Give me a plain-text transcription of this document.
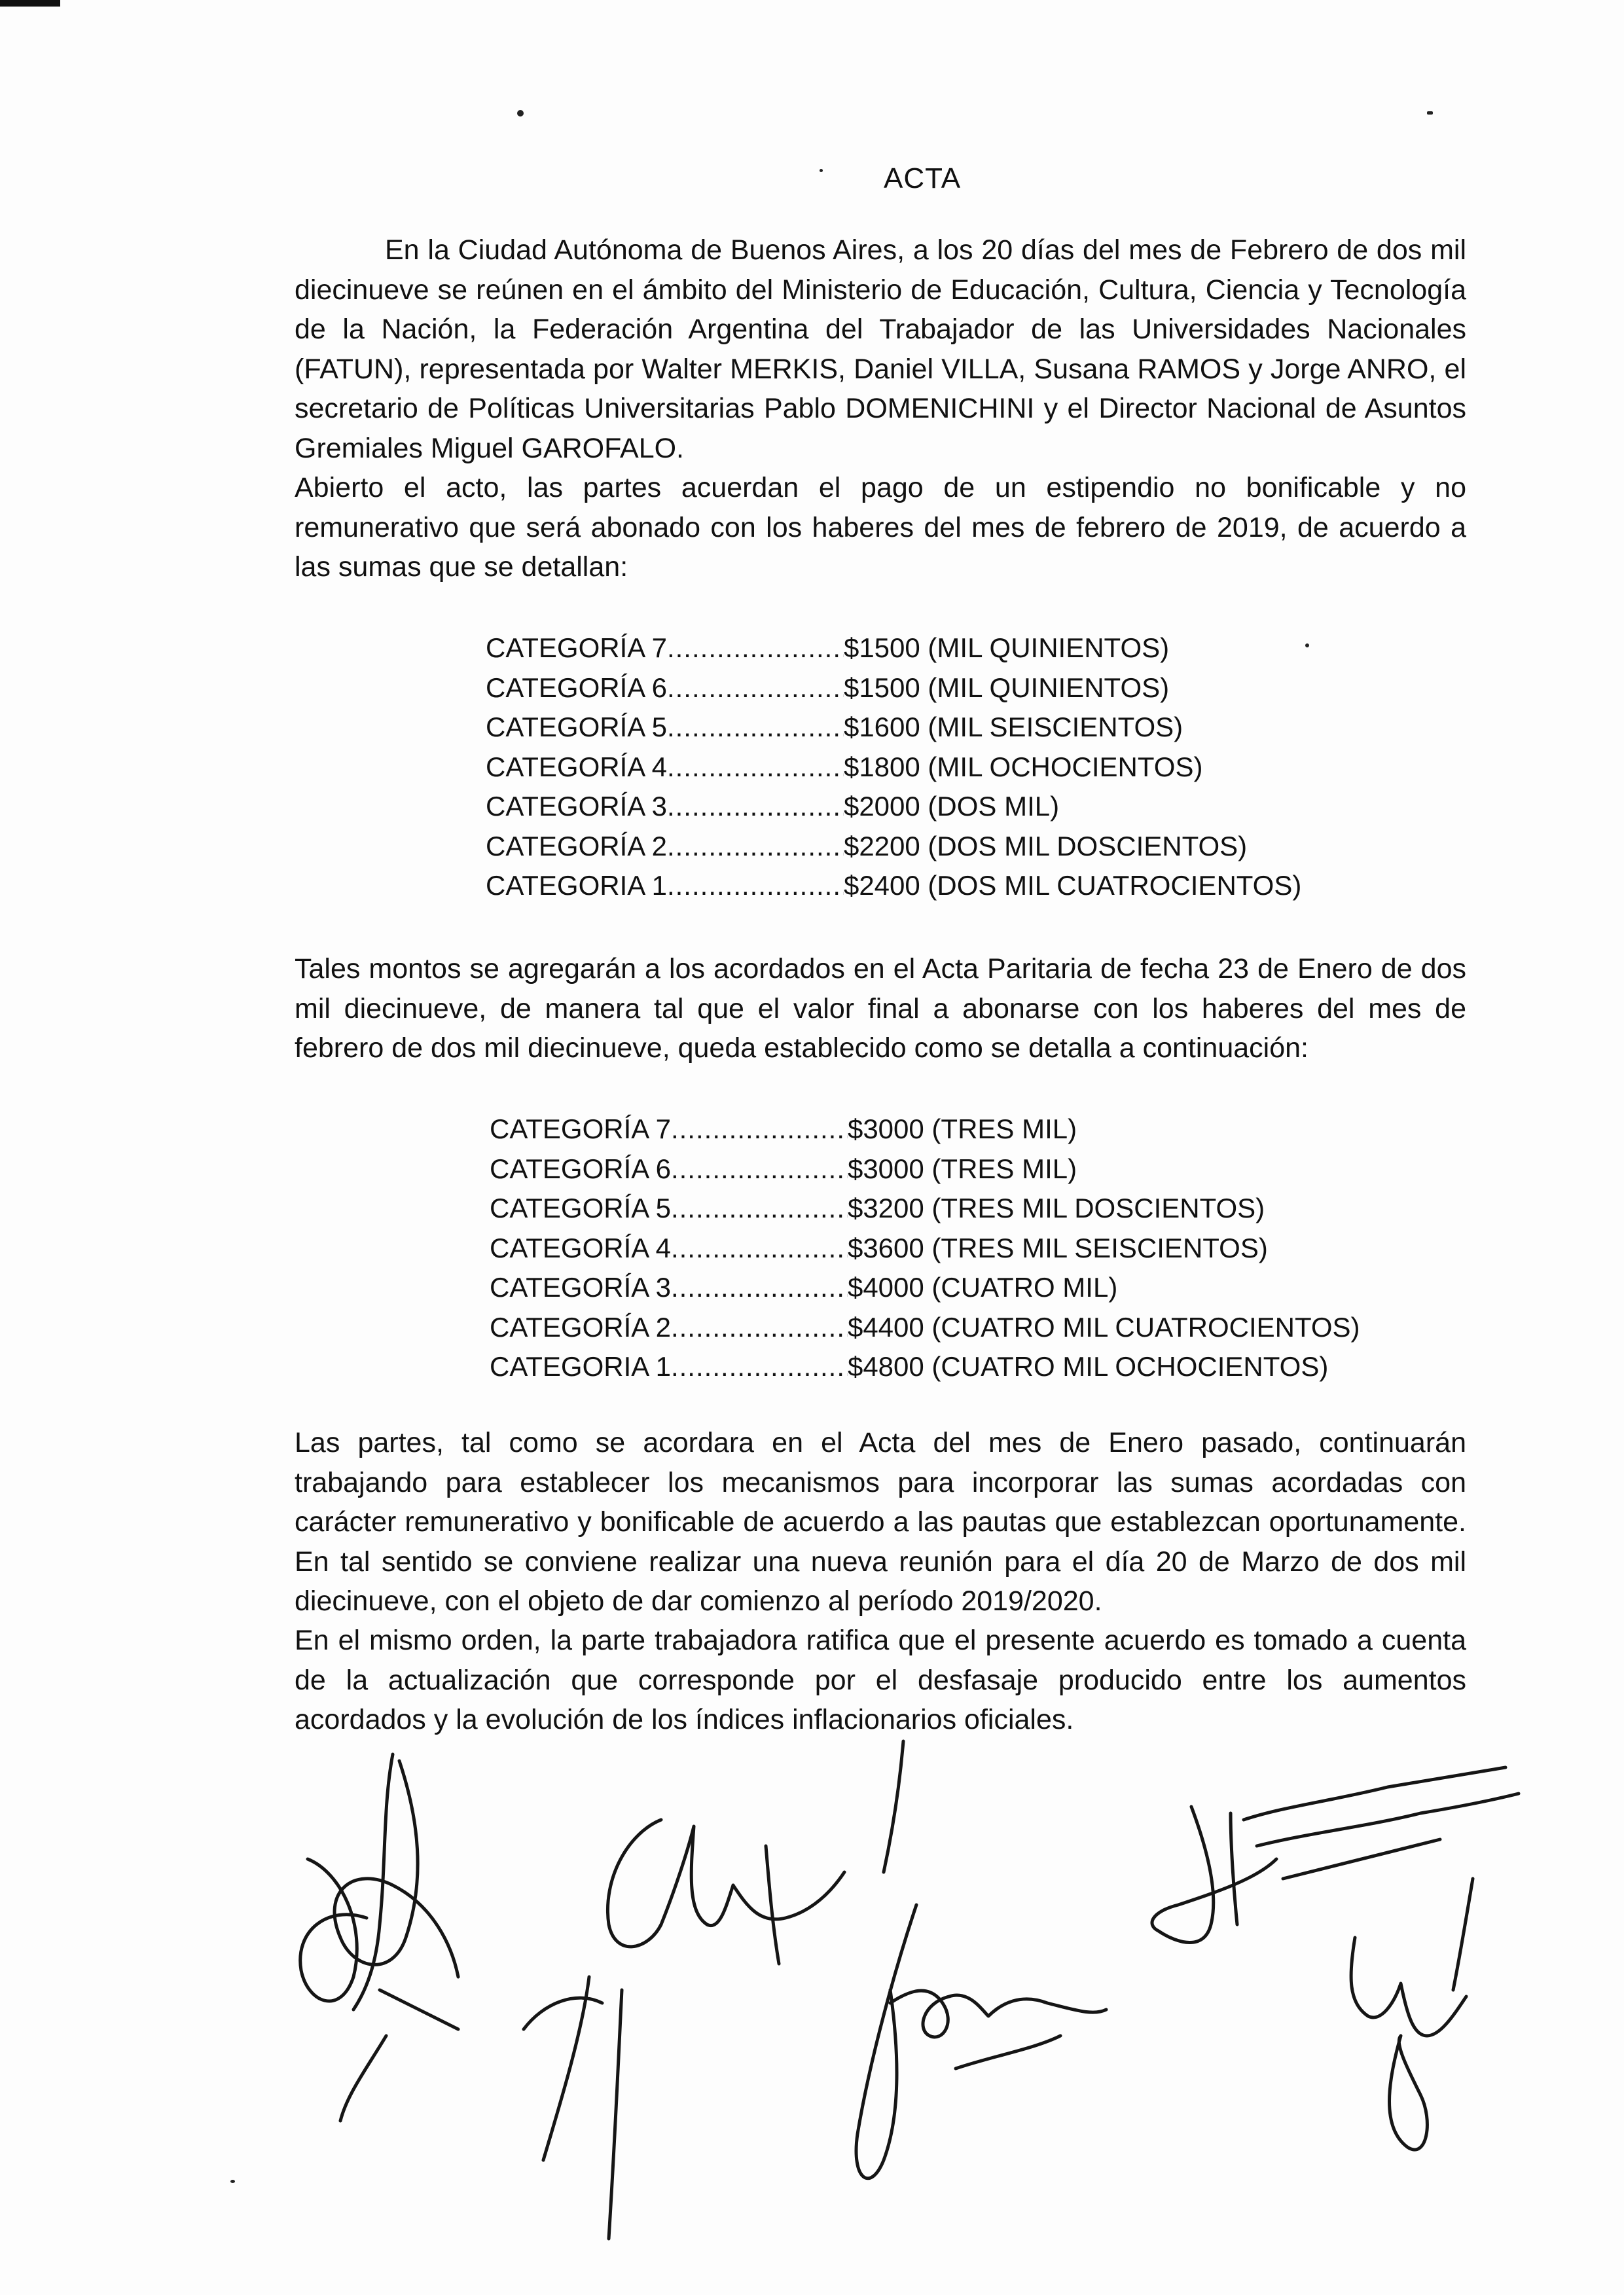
ACTA

En la Ciudad Autónoma de Buenos Aires, a los 20 días del mes de Febrero de dos mil diecinueve se reúnen en el ámbito del Ministerio de Educación, Cultura, Ciencia y Tecnología de la Nación, la Federación Argentina del Trabajador de las Universidades Nacionales (FATUN), representada por Walter MERKIS, Daniel VILLA, Susana RAMOS y Jorge ANRO, el secretario de Políticas Universitarias Pablo DOMENICHINI y el Director Nacional de Asuntos Gremiales Miguel GAROFALO.

Abierto el acto, las partes acuerdan el pago de un estipendio no bonificable y no remunerativo que será abonado con los haberes del mes de febrero de 2019, de acuerdo a las sumas que se detallan:

CATEGORÍA 7 .....	$1500 (MIL QUINIENTOS)
CATEGORÍA 6 .....	$1500 (MIL QUINIENTOS)
CATEGORÍA 5 .....	$1600 (MIL SEISCIENTOS)
CATEGORÍA 4 .....	$1800 (MIL OCHOCIENTOS)
CATEGORÍA 3 .....	$2000 (DOS MIL)
CATEGORÍA 2 .....	$2200 (DOS MIL DOSCIENTOS)
CATEGORIA 1 .....	$2400 (DOS MIL CUATROCIENTOS)

Tales montos se agregarán a los acordados en el Acta Paritaria de fecha 23 de Enero de dos mil diecinueve, de manera tal que el valor final a abonarse con los haberes del mes de febrero de dos mil diecinueve, queda establecido como se detalla a continuación:

CATEGORÍA 7 .....	$3000 (TRES MIL)
CATEGORÍA 6 .....	$3000 (TRES MIL)
CATEGORÍA 5 .....	$3200 (TRES MIL DOSCIENTOS)
CATEGORÍA 4 .....	$3600 (TRES MIL SEISCIENTOS)
CATEGORÍA 3 .....	$4000 (CUATRO MIL)
CATEGORÍA 2 .....	$4400 (CUATRO MIL CUATROCIENTOS)
CATEGORIA 1 .....	$4800 (CUATRO MIL OCHOCIENTOS)

Las partes, tal como se acordara en el Acta del mes de Enero pasado, continuarán trabajando para establecer los mecanismos para incorporar las sumas acordadas con carácter remunerativo y bonificable de acuerdo a las pautas que establezcan oportunamente. En tal sentido se conviene realizar una nueva reunión para el día 20 de Marzo de dos mil diecinueve, con el objeto de dar comienzo al período 2019/2020.

En el mismo orden, la parte trabajadora ratifica que el presente acuerdo es tomado a cuenta de la actualización que corresponde por el desfasaje producido entre los aumentos acordados y la evolución de los índices inflacionarios oficiales.
